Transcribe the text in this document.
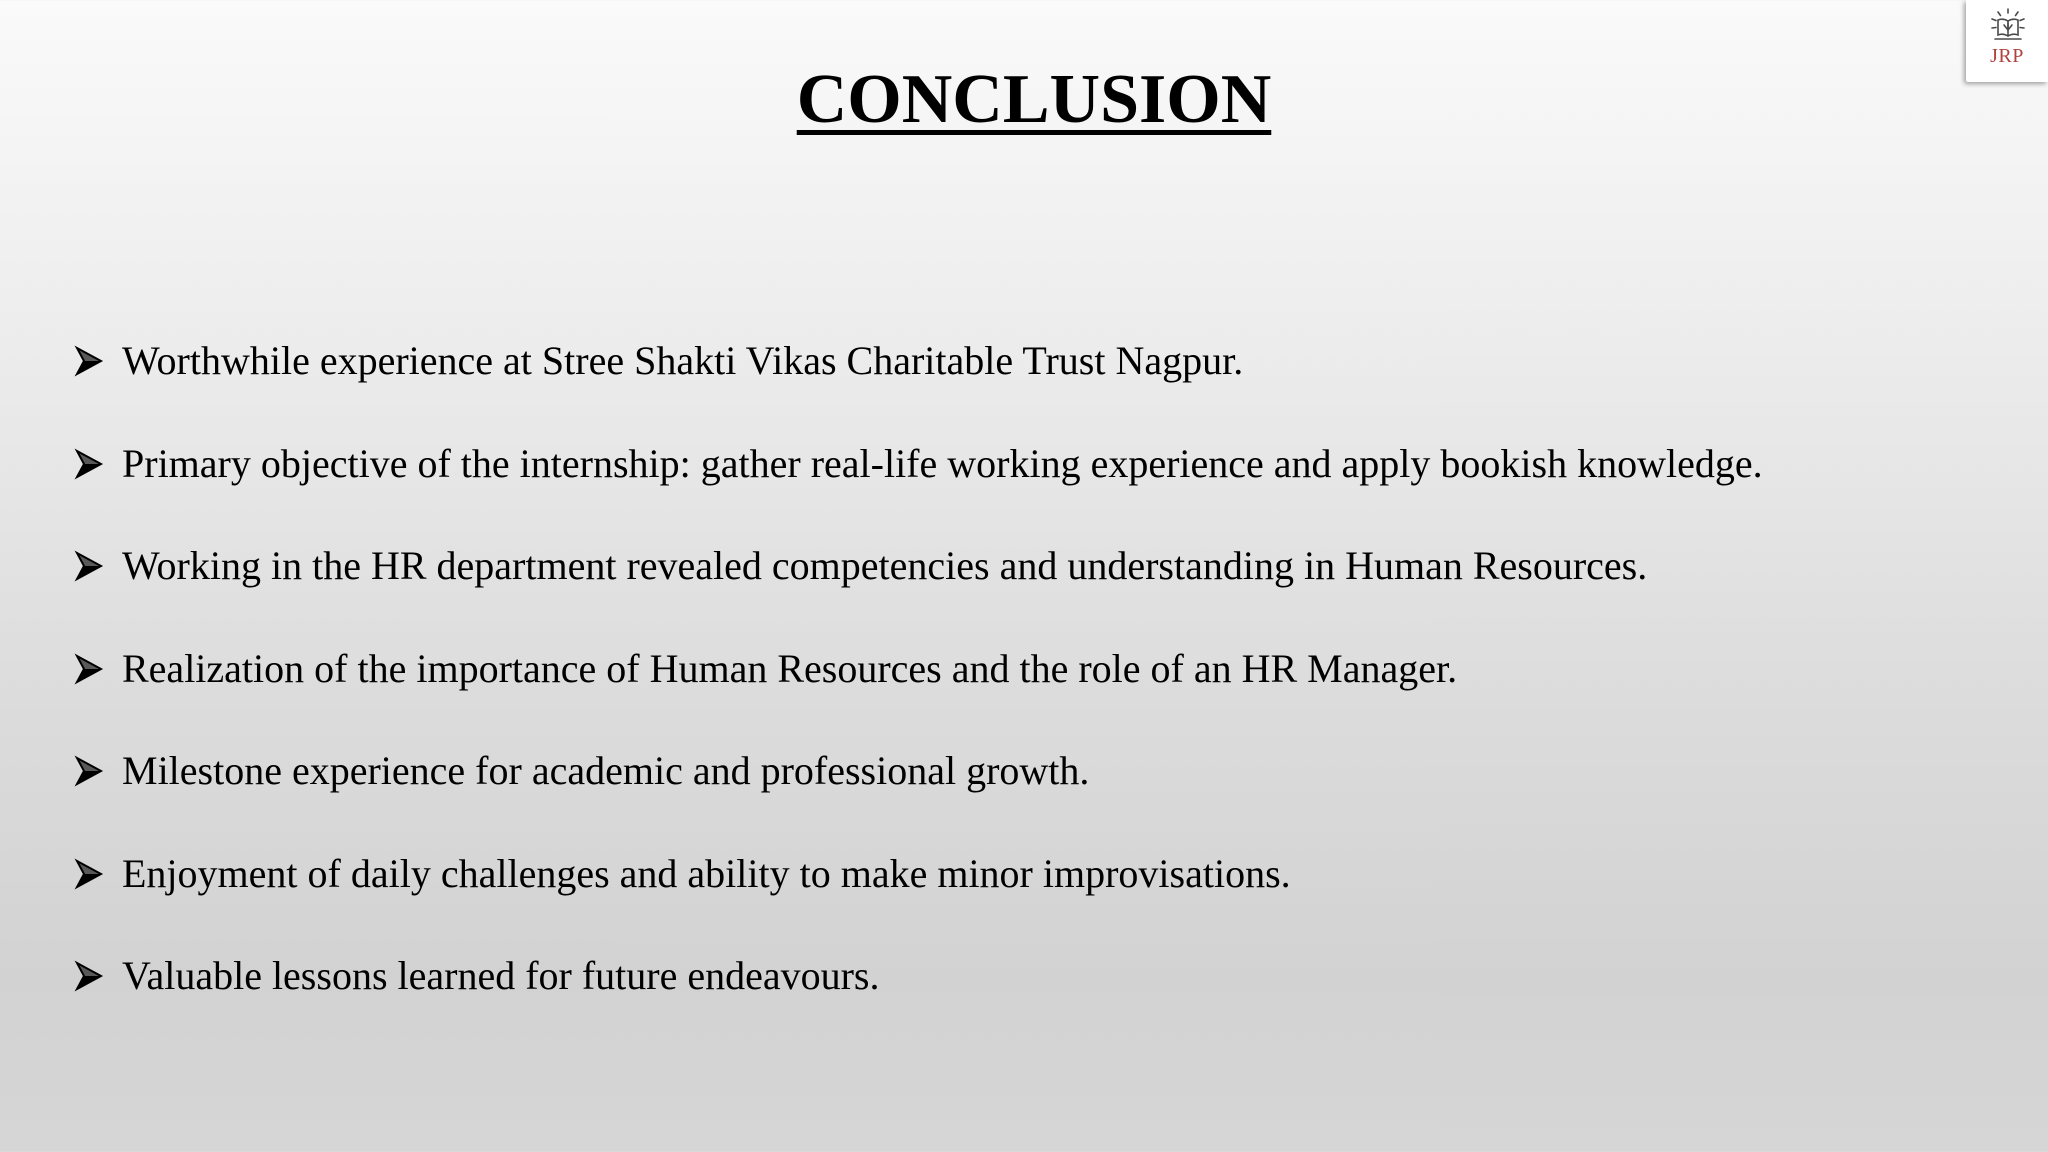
CONCLUSION
Worthwhile experience at Stree Shakti Vikas Charitable Trust Nagpur.
Primary objective of the internship: gather real-life working experience and apply bookish knowledge.
Working in the HR department revealed competencies and understanding in Human Resources.
Realization of the importance of Human Resources and the role of an HR Manager.
Milestone experience for academic and professional growth.
Enjoyment of daily challenges and ability to make minor improvisations.
Valuable lessons learned for future endeavours.
JRP
